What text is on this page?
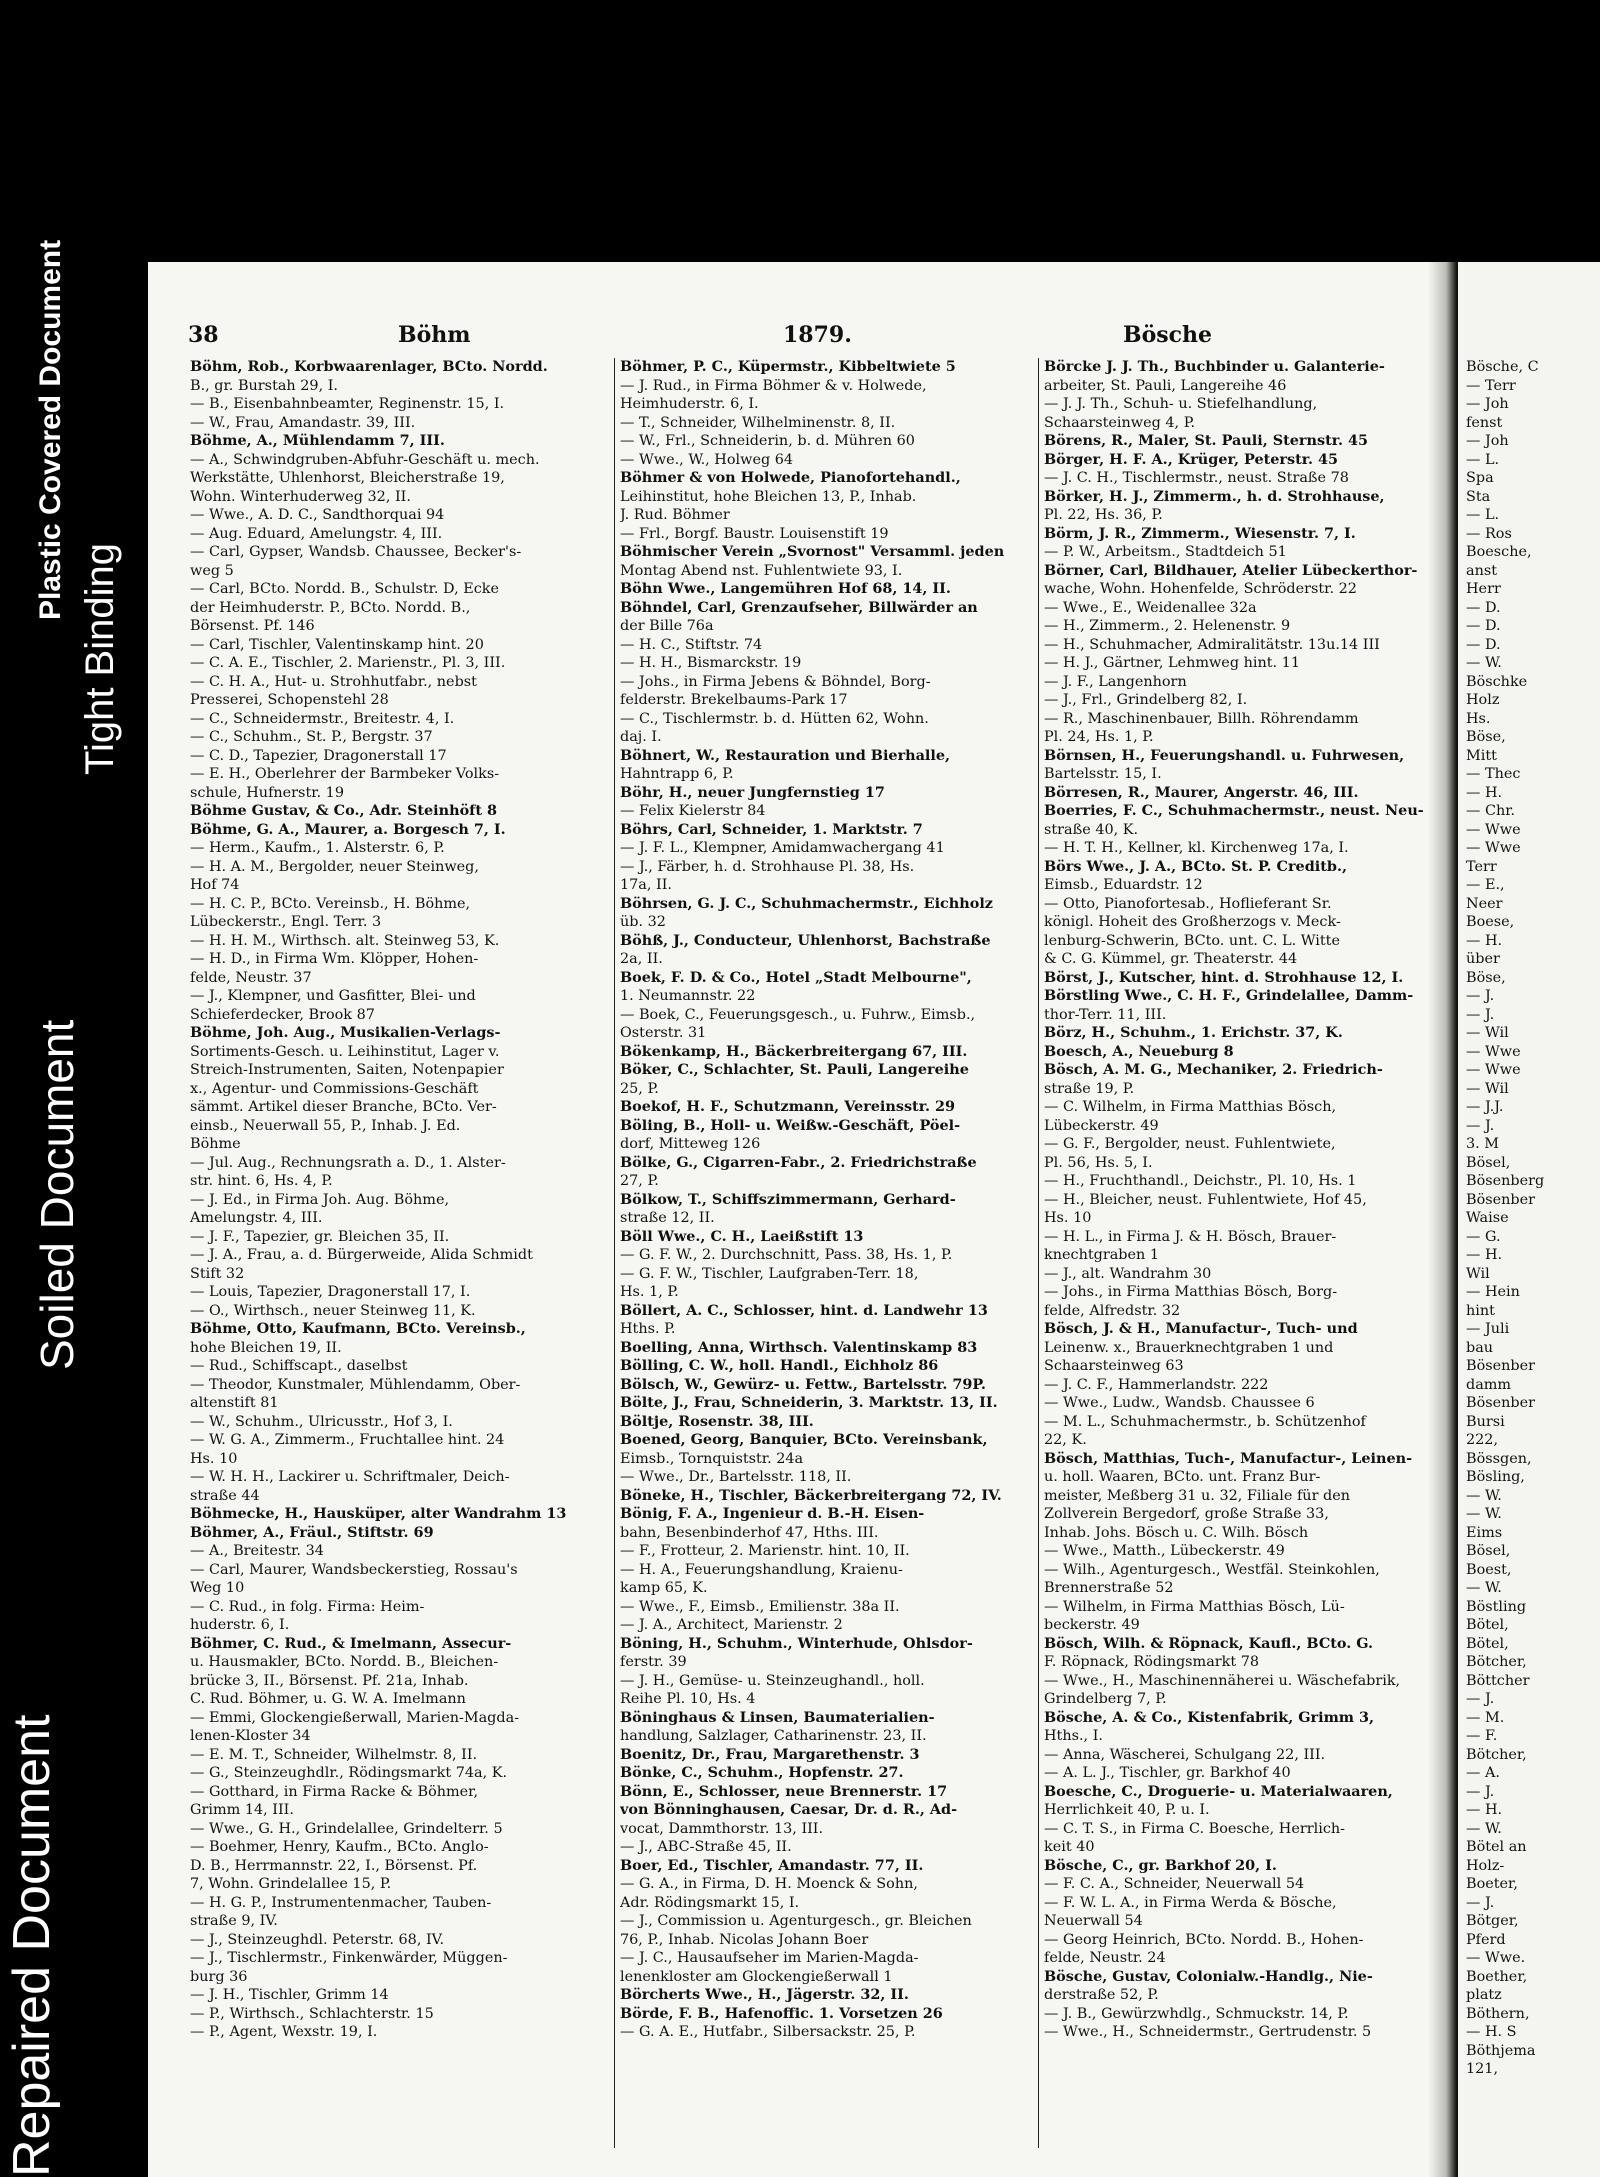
Plastic Covered Document
Soiled Document
Tight Binding
Repaired Document
38	Böhm	1879.	Bösche

Böhm, Rob., Korbwaarenlager, BCto. Nordd.

B., gr. Burstah 29, I.

— B., Eisenbahnbeamter, Reginenstr. 15, I.

— W., Frau, Amandastr. 39, III.

Böhme, A., Mühlendamm 7, III.

— A., Schwindgruben-Abfuhr-Geschäft u. mech.

Werkstätte, Uhlenhorst, Bleicherstraße 19,

Wohn. Winterhuderweg 32, II.

— Wwe., A. D. C., Sandthorquai 94

— Aug. Eduard, Amelungstr. 4, III.

— Carl, Gypser, Wandsb. Chaussee, Becker's-

weg 5

— Carl, BCto. Nordd. B., Schulstr. D, Ecke

der Heimhuderstr. P., BCto. Nordd. B.,

Börsenst. Pf. 146

— Carl, Tischler, Valentinskamp hint. 20

— C. A. E., Tischler, 2. Marienstr., Pl. 3, III.

— C. H. A., Hut- u. Strohhutfabr., nebst

Presserei, Schopenstehl 28

— C., Schneidermstr., Breitestr. 4, I.

— C., Schuhm., St. P., Bergstr. 37

— C. D., Tapezier, Dragonerstall 17

— E. H., Oberlehrer der Barmbeker Volks-

schule, Hufnerstr. 19

Böhme Gustav, & Co., Adr. Steinhöft 8

Böhme, G. A., Maurer, a. Borgesch 7, I.

— Herm., Kaufm., 1. Alsterstr. 6, P.

— H. A. M., Bergolder, neuer Steinweg,

Hof 74

— H. C. P., BCto. Vereinsb., H. Böhme,

Lübeckerstr., Engl. Terr. 3

— H. H. M., Wirthsch. alt. Steinweg 53, K.

— H. D., in Firma Wm. Klöpper, Hohen-

felde, Neustr. 37

— J., Klempner, und Gasfitter, Blei- und

Schieferdecker, Brook 87

Böhme, Joh. Aug., Musikalien-Verlags-

Sortiments-Gesch. u. Leihinstitut, Lager v.

Streich-Instrumenten, Saiten, Notenpapier

x., Agentur- und Commissions-Geschäft

sämmt. Artikel dieser Branche, BCto. Ver-

einsb., Neuerwall 55, P., Inhab. J. Ed.

Böhme

— Jul. Aug., Rechnungsrath a. D., 1. Alster-

str. hint. 6, Hs. 4, P.

— J. Ed., in Firma Joh. Aug. Böhme,

Amelungstr. 4, III.

— J. F., Tapezier, gr. Bleichen 35, II.

— J. A., Frau, a. d. Bürgerweide, Alida Schmidt

Stift 32

— Louis, Tapezier, Dragonerstall 17, I.

— O., Wirthsch., neuer Steinweg 11, K.

Böhme, Otto, Kaufmann, BCto. Vereinsb.,

hohe Bleichen 19, II.

— Rud., Schiffscapt., daselbst

— Theodor, Kunstmaler, Mühlendamm, Ober-

altenstift 81

— W., Schuhm., Ulricusstr., Hof 3, I.

— W. G. A., Zimmerm., Fruchtallee hint. 24

Hs. 10

— W. H. H., Lackirer u. Schriftmaler, Deich-

straße 44

Böhmecke, H., Hausküper, alter Wandrahm 13

Böhmer, A., Fräul., Stiftstr. 69

— A., Breitestr. 34

— Carl, Maurer, Wandsbeckerstieg, Rossau's

Weg 10

— C. Rud., in folg. Firma: Heim-

huderstr. 6, I.

Böhmer, C. Rud., & Imelmann, Assecur-

u. Hausmakler, BCto. Nordd. B., Bleichen-

brücke 3, II., Börsenst. Pf. 21a, Inhab.

C. Rud. Böhmer, u. G. W. A. Imelmann

— Emmi, Glockengießerwall, Marien-Magda-

lenen-Kloster 34

— E. M. T., Schneider, Wilhelmstr. 8, II.

— G., Steinzeughdlr., Rödingsmarkt 74a, K.

— Gotthard, in Firma Racke & Böhmer,

Grimm 14, III.

— Wwe., G. H., Grindelallee, Grindelterr. 5

— Boehmer, Henry, Kaufm., BCto. Anglo-

D. B., Herrmannstr. 22, I., Börsenst. Pf.

7, Wohn. Grindelallee 15, P.

— H. G. P., Instrumentenmacher, Tauben-

straße 9, IV.

— J., Steinzeughdl. Peterstr. 68, IV.

— J., Tischlermstr., Finkenwärder, Müggen-

burg 36

— J. H., Tischler, Grimm 14

— P., Wirthsch., Schlachterstr. 15

— P., Agent, Wexstr. 19, I.

Böhmer, P. C., Küpermstr., Kibbeltwiete 5

— J. Rud., in Firma Böhmer & v. Holwede,

Heimhuderstr. 6, I.

— T., Schneider, Wilhelminenstr. 8, II.

— W., Frl., Schneiderin, b. d. Mühren 60

— Wwe., W., Holweg 64

Böhmer & von Holwede, Pianofortehandl.,

Leihinstitut, hohe Bleichen 13, P., Inhab.

J. Rud. Böhmer

— Frl., Borgf. Baustr. Louisenstift 19

Böhmischer Verein „Svornost" Versamml. jeden

Montag Abend nst. Fuhlentwiete 93, I.

Böhn Wwe., Langemühren Hof 68, 14, II.

Böhndel, Carl, Grenzaufseher, Billwärder an

der Bille 76a

— H. C., Stiftstr. 74

— H. H., Bismarckstr. 19

— Johs., in Firma Jebens & Böhndel, Borg-

felderstr. Brekelbaums-Park 17

— C., Tischlermstr. b. d. Hütten 62, Wohn.

daj. I.

Böhnert, W., Restauration und Bierhalle,

Hahntrapp 6, P.

Böhr, H., neuer Jungfernstieg 17

— Felix Kielerstr 84

Böhrs, Carl, Schneider, 1. Marktstr. 7

— J. F. L., Klempner, Amidamwachergang 41

— J., Färber, h. d. Strohhause Pl. 38, Hs.

17a, II.

Böhrsen, G. J. C., Schuhmachermstr., Eichholz

üb. 32

Böhß, J., Conducteur, Uhlenhorst, Bachstraße

2a, II.

Boek, F. D. & Co., Hotel „Stadt Melbourne",

1. Neumannstr. 22

— Boek, C., Feuerungsgesch., u. Fuhrw., Eimsb.,

Osterstr. 31

Bökenkamp, H., Bäckerbreitergang 67, III.

Böker, C., Schlachter, St. Pauli, Langereihe

25, P.

Boekof, H. F., Schutzmann, Vereinsstr. 29

Böling, B., Holl- u. Weißw.-Geschäft, Pöel-

dorf, Mitteweg 126

Bölke, G., Cigarren-Fabr., 2. Friedrichstraße

27, P.

Bölkow, T., Schiffszimmermann, Gerhard-

straße 12, II.

Böll Wwe., C. H., Laeißstift 13

— G. F. W., 2. Durchschnitt, Pass. 38, Hs. 1, P.

— G. F. W., Tischler, Laufgraben-Terr. 18,

Hs. 1, P.

Böllert, A. C., Schlosser, hint. d. Landwehr 13

Hths. P.

Boelling, Anna, Wirthsch. Valentinskamp 83

Bölling, C. W., holl. Handl., Eichholz 86

Bölsch, W., Gewürz- u. Fettw., Bartelsstr. 79P.

Bölte, J., Frau, Schneiderin, 3. Marktstr. 13, II.

Böltje, Rosenstr. 38, III.

Boened, Georg, Banquier, BCto. Vereinsbank,

Eimsb., Tornquiststr. 24a

— Wwe., Dr., Bartelsstr. 118, II.

Böneke, H., Tischler, Bäckerbreitergang 72, IV.

Bönig, F. A., Ingenieur d. B.-H. Eisen-

bahn, Besenbinderhof 47, Hths. III.

— F., Frotteur, 2. Marienstr. hint. 10, II.

— H. A., Feuerungshandlung, Kraienu-

kamp 65, K.

— Wwe., F., Eimsb., Emilienstr. 38a II.

— J. A., Architect, Marienstr. 2

Böning, H., Schuhm., Winterhude, Ohlsdor-

ferstr. 39

— J. H., Gemüse- u. Steinzeughandl., holl.

Reihe Pl. 10, Hs. 4

Böninghaus & Linsen, Baumaterialien-

handlung, Salzlager, Catharinenstr. 23, II.

Boenitz, Dr., Frau, Margarethenstr. 3

Bönke, C., Schuhm., Hopfenstr. 27.

Bönn, E., Schlosser, neue Brennerstr. 17

von Bönninghausen, Caesar, Dr. d. R., Ad-

vocat, Dammthorstr. 13, III.

— J., ABC-Straße 45, II.

Boer, Ed., Tischler, Amandastr. 77, II.

— G. A., in Firma, D. H. Moenck & Sohn,

Adr. Rödingsmarkt 15, I.

— J., Commission u. Agenturgesch., gr. Bleichen

76, P., Inhab. Nicolas Johann Boer

— J. C., Hausaufseher im Marien-Magda-

lenenkloster am Glockengießerwall 1

Börcherts Wwe., H., Jägerstr. 32, II.

Börde, F. B., Hafenoffic. 1. Vorsetzen 26

— G. A. E., Hutfabr., Silbersackstr. 25, P.

Börcke J. J. Th., Buchbinder u. Galanterie-

arbeiter, St. Pauli, Langereihe 46

— J. J. Th., Schuh- u. Stiefelhandlung,

Schaarsteinweg 4, P.

Börens, R., Maler, St. Pauli, Sternstr. 45

Börger, H. F. A., Krüger, Peterstr. 45

— J. C. H., Tischlermstr., neust. Straße 78

Börker, H. J., Zimmerm., h. d. Strohhause,

Pl. 22, Hs. 36, P.

Börm, J. R., Zimmerm., Wiesenstr. 7, I.

— P. W., Arbeitsm., Stadtdeich 51

Börner, Carl, Bildhauer, Atelier Lübeckerthor-

wache, Wohn. Hohenfelde, Schröderstr. 22

— Wwe., E., Weidenallee 32a

— H., Zimmerm., 2. Helenenstr. 9

— H., Schuhmacher, Admiralitätstr. 13u.14 III

— H. J., Gärtner, Lehmweg hint. 11

— J. F., Langenhorn

— J., Frl., Grindelberg 82, I.

— R., Maschinenbauer, Billh. Röhrendamm

Pl. 24, Hs. 1, P.

Börnsen, H., Feuerungshandl. u. Fuhrwesen,

Bartelsstr. 15, I.

Börresen, R., Maurer, Angerstr. 46, III.

Boerries, F. C., Schuhmachermstr., neust. Neu-

straße 40, K.

— H. T. H., Kellner, kl. Kirchenweg 17a, I.

Börs Wwe., J. A., BCto. St. P. Creditb.,

Eimsb., Eduardstr. 12

— Otto, Pianofortesab., Hoflieferant Sr.

königl. Hoheit des Großherzogs v. Meck-

lenburg-Schwerin, BCto. unt. C. L. Witte

& C. G. Kümmel, gr. Theaterstr. 44

Börst, J., Kutscher, hint. d. Strohhause 12, I.

Börstling Wwe., C. H. F., Grindelallee, Damm-

thor-Terr. 11, III.

Börz, H., Schuhm., 1. Erichstr. 37, K.

Boesch, A., Neueburg 8

Bösch, A. M. G., Mechaniker, 2. Friedrich-

straße 19, P.

— C. Wilhelm, in Firma Matthias Bösch,

Lübeckerstr. 49

— G. F., Bergolder, neust. Fuhlentwiete,

Pl. 56, Hs. 5, I.

— H., Fruchthandl., Deichstr., Pl. 10, Hs. 1

— H., Bleicher, neust. Fuhlentwiete, Hof 45,

Hs. 10

— H. L., in Firma J. & H. Bösch, Brauer-

knechtgraben 1

— J., alt. Wandrahm 30

— Johs., in Firma Matthias Bösch, Borg-

felde, Alfredstr. 32

Bösch, J. & H., Manufactur-, Tuch- und

Leinenw. x., Brauerknechtgraben 1 und

Schaarsteinweg 63

— J. C. F., Hammerlandstr. 222

— Wwe., Ludw., Wandsb. Chaussee 6

— M. L., Schuhmachermstr., b. Schützenhof

22, K.

Bösch, Matthias, Tuch-, Manufactur-, Leinen-

u. holl. Waaren, BCto. unt. Franz Bur-

meister, Meßberg 31 u. 32, Filiale für den

Zollverein Bergedorf, große Straße 33,

Inhab. Johs. Bösch u. C. Wilh. Bösch

— Wwe., Matth., Lübeckerstr. 49

— Wilh., Agenturgesch., Westfäl. Steinkohlen,

Brennerstraße 52

— Wilhelm, in Firma Matthias Bösch, Lü-

beckerstr. 49

Bösch, Wilh. & Röpnack, Kaufl., BCto. G.

F. Röpnack, Rödingsmarkt 78

— Wwe., H., Maschinennäherei u. Wäschefabrik,

Grindelberg 7, P.

Bösche, A. & Co., Kistenfabrik, Grimm 3,

Hths., I.

— Anna, Wäscherei, Schulgang 22, III.

— A. L. J., Tischler, gr. Barkhof 40

Boesche, C., Droguerie- u. Materialwaaren,

Herrlichkeit 40, P. u. I.

— C. T. S., in Firma C. Boesche, Herrlich-

keit 40

Bösche, C., gr. Barkhof 20, I.

— F. C. A., Schneider, Neuerwall 54

— F. W. L. A., in Firma Werda & Bösche,

Neuerwall 54

— Georg Heinrich, BCto. Nordd. B., Hohen-

felde, Neustr. 24

Bösche, Gustav, Colonialw.-Handlg., Nie-

derstraße 52, P.

— J. B., Gewürzwhdlg., Schmuckstr. 14, P.

— Wwe., H., Schneidermstr., Gertrudenstr. 5

Bösche, C

— Terr

— Joh

fenst

— Joh

— L.

Spa

Sta

— L.

— Ros

Boesche,

anst

Herr

— D.

— D.

— D.

— W.

Böschke

Holz

Hs.

Böse,

Mitt

— Thec

— H.

— Chr.

— Wwe

— Wwe

Terr

— E.,

Neer

Boese,

— H.

über

Böse,

— J.

— J.

— Wil

— Wwe

— Wwe

— Wil

— J.J.

— J.

3. M

Bösel,

Bösenberg

Bösenber

Waise

— G.

— H.

Wil

— Hein

hint

— Juli

bau

Bösenber

damm

Bösenber

Bursi

222,

Bössgen,

Bösling,

— W.

— W.

Eims

Bösel,

Boest,

— W.

Böstling

Bötel,

Bötel,

Bötcher,

Böttcher

— J.

— M.

— F.

Bötcher,

— A.

— J.

— H.

— W.

Bötel an

Holz-

Boeter,

— J.

Bötger,

Pferd

— Wwe.

Boether,

platz

Böthern,

— H. S

Böthjema

121,
